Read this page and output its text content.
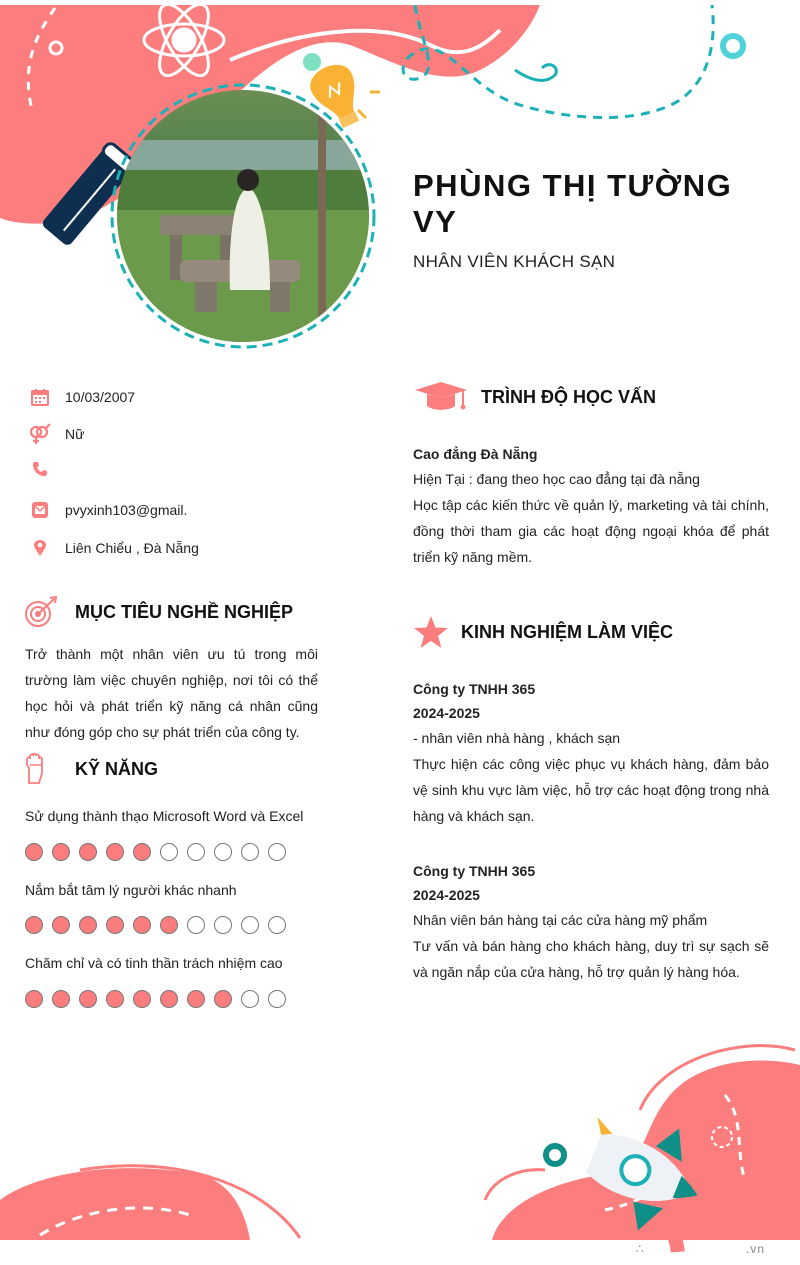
PHÙNG THỊ TƯỜNG VY
NHÂN VIÊN KHÁCH SẠN
10/03/2007
Nữ
pvyxinh103@gmail.
Liên Chiểu , Đà Nẵng
MỤC TIÊU NGHỀ NGHIỆP
Trở thành một nhân viên ưu tú trong môi trường làm việc chuyên nghiệp, nơi tôi có thể học hỏi và phát triển kỹ năng cá nhân cũng như đóng góp cho sự phát triển của công ty.
KỸ NĂNG
Sử dụng thành thạo Microsoft Word và Excel
Nắm bắt tâm lý người khác nhanh
Chăm chỉ và có tinh thần trách nhiệm cao
TRÌNH ĐỘ HỌC VẤN
Cao đẳng Đà Nẵng
Hiện Tại : đang theo học cao đẳng tại đà nẵng
Học tập các kiến thức về quản lý, marketing và tài chính, đồng thời tham gia các hoạt động ngoại khóa để phát triển kỹ năng mềm.
KINH NGHIỆM LÀM VIỆC
Công ty TNHH 365
2024-2025
- nhân viên nhà hàng , khách sạn
Thực hiện các công việc phục vụ khách hàng, đảm bảo vệ sinh khu vực làm việc, hỗ trợ các hoạt động trong nhà hàng và khách sạn.
Công ty TNHH 365
2024-2025
Nhân viên bán hàng tại các cửa hàng mỹ phẩm
Tư vấn và bán hàng cho khách hàng, duy trì sự sạch sẽ và ngăn nắp của cửa hàng, hỗ trợ quản lý hàng hóa.
∴	.vn
